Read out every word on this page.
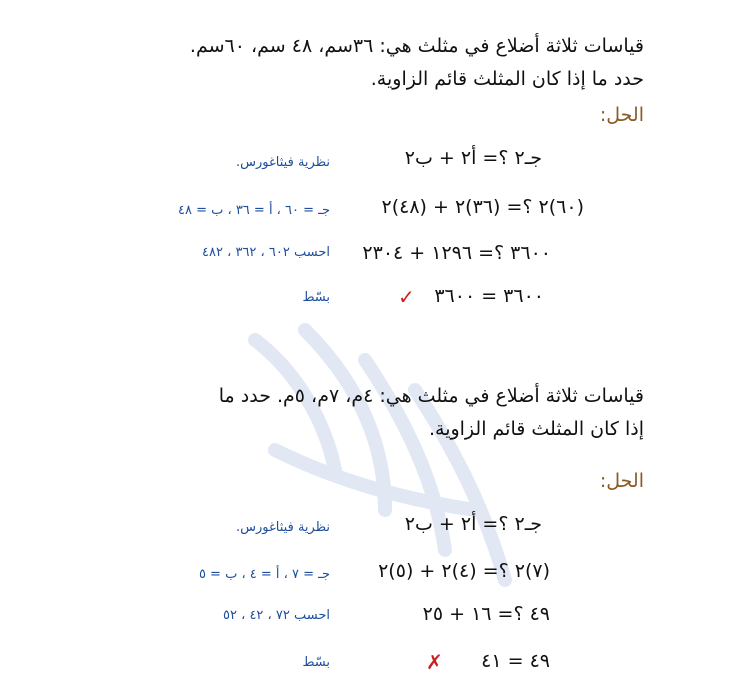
قياسات ثلاثة أضلاع في مثلث هي: ٣٦سم، ٤٨ سم، ٦٠سم.
حدد ما إذا كان المثلث قائم الزاوية.
الحل:
جـ٢ ؟= أ٢ + ب٢
نظرية فيثاغورس.
(٦٠)٢ ؟= (٣٦)٢ + (٤٨)٢
جـ = ٦٠ ، أ = ٣٦ ، ب = ٤٨
٣٦٠٠ ؟= ١٢٩٦ + ٢٣٠٤
احسب ٦٠٢ ، ٣٦٢ ، ٤٨٢
٣٦٠٠ = ٣٦٠٠
✓
بسّط
قياسات ثلاثة أضلاع في مثلث هي: ٤م، ٧م، ٥م. حدد ما
إذا كان المثلث قائم الزاوية.
الحل:
جـ٢ ؟= أ٢ + ب٢
نظرية فيثاغورس.
(٧)٢ ؟= (٤)٢ + (٥)٢
جـ = ٧ ، أ = ٤ ، ب = ٥
٤٩ ؟= ١٦ + ٢٥
احسب ٧٢ ، ٤٢ ، ٥٢
٤٩ = ٤١
✗
بسّط
